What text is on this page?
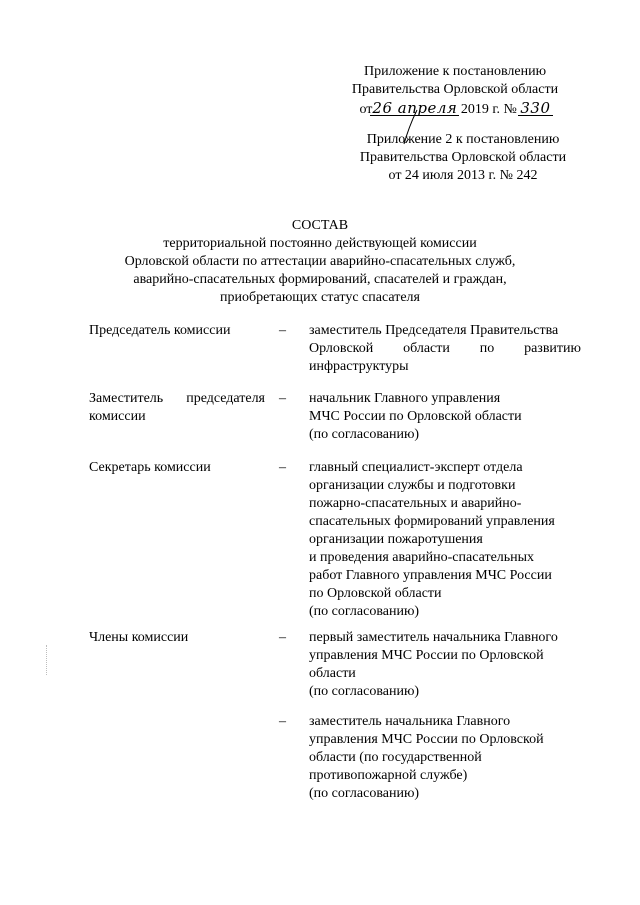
Приложение к постановлению
Правительства Орловской области
от26 апреля 2019 г. № 330
Приложение 2 к постановлению
Правительства Орловской области
от 24 июля 2013 г. № 242
СОСТАВ
территориальной постоянно действующей комиссии
Орловской области по аттестации аварийно-спасательных служб,
аварийно-спасательных формирований, спасателей и граждан,
приобретающих статус спасателя
Председатель комиссии	– заместитель Председателя Правительства
Орловской области по развитию
инфраструктуры
Заместитель председателя
комиссии
– начальник Главного управления
МЧС России по Орловской области
(по согласованию)
Секретарь комиссии	– главный специалист-эксперт отдела
организации службы и подготовки
пожарно-спасательных и аварийно-
спасательных формирований управления
организации пожаротушения
и проведения аварийно-спасательных
работ Главного управления МЧС России
по Орловской области
(по согласованию)
Члены комиссии	– первый заместитель начальника Главного
управления МЧС России по Орловской
области
(по согласованию)
– заместитель начальника Главного
управления МЧС России по Орловской
области (по государственной
противопожарной службе)
(по согласованию)
